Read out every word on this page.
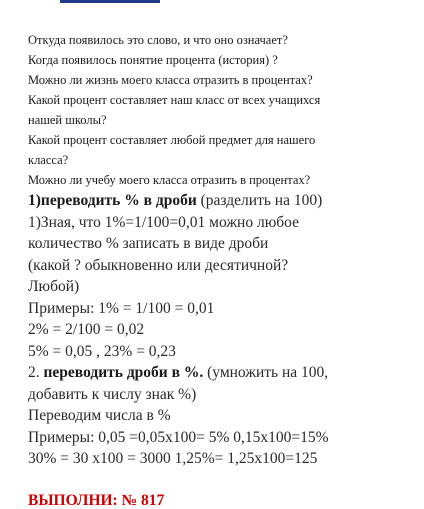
Откуда появилось это слово, и что оно означает?

Когда появилось понятие процента (история) ?

Можно ли жизнь моего класса отразить в процентах?

Какой процент составляет наш класс от всех учащихся

нашей школы?

Какой процент составляет любой предмет для нашего

класса?

Можно ли учебу моего класса отразить в процентах?

1)переводить % в дроби (разделить на 100)

1)Зная, что 1%=1/100=0,01 можно любое

количество % записать в виде дроби

(какой ? обыкновенно или десятичной?

Любой)

Примеры: 1% = 1/100 = 0,01

2% = 2/100 = 0,02

5% = 0,05 , 23% = 0,23

2. переводить дроби в %. (умножить на 100,

добавить к числу знак %)

Переводим числа в %

Примеры: 0,05 =0,05х100= 5% 0,15х100=15%

30% = 30 х100 = 3000 1,25%= 1,25х100=125

ВЫПОЛНИ: № 817
